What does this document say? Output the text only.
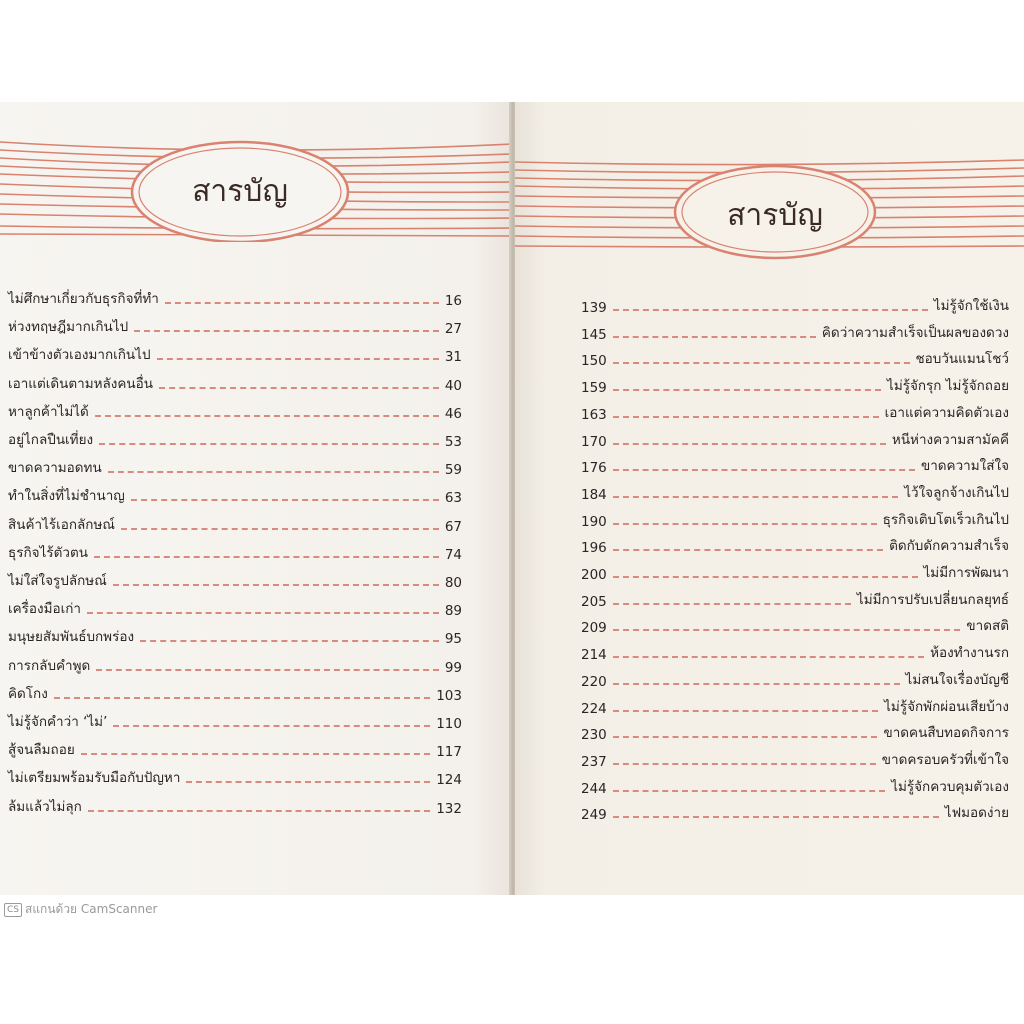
สารบัญ
ไม่ศึกษาเกี่ยวกับธุรกิจที่ทำ	16
ห่วงทฤษฎีมากเกินไป	27
เข้าข้างตัวเองมากเกินไป	31
เอาแต่เดินตามหลังคนอื่น	40
หาลูกค้าไม่ได้	46
อยู่ไกลปืนเที่ยง	53
ขาดความอดทน	59
ทำในสิ่งที่ไม่ชำนาญ	63
สินค้าไร้เอกลักษณ์	67
ธุรกิจไร้ตัวตน	74
ไม่ใส่ใจรูปลักษณ์	80
เครื่องมือเก่า	89
มนุษยสัมพันธ์บกพร่อง	95
การกลับคำพูด	99
คิดโกง	103
ไม่รู้จักคำว่า ‘ไม่’	110
สู้จนลืมถอย	117
ไม่เตรียมพร้อมรับมือกับปัญหา	124
ล้มแล้วไม่ลุก	132
สารบัญ
139	ไม่รู้จักใช้เงิน
145	คิดว่าความสำเร็จเป็นผลของดวง
150	ชอบวันแมนโชว์
159	ไม่รู้จักรุก ไม่รู้จักถอย
163	เอาแต่ความคิดตัวเอง
170	หนีห่างความสามัคคี
176	ขาดความใส่ใจ
184	ไว้ใจลูกจ้างเกินไป
190	ธุรกิจเติบโตเร็วเกินไป
196	ติดกับดักความสำเร็จ
200	ไม่มีการพัฒนา
205	ไม่มีการปรับเปลี่ยนกลยุทธ์
209	ขาดสติ
214	ห้องทำงานรก
220	ไม่สนใจเรื่องบัญชี
224	ไม่รู้จักพักผ่อนเสียบ้าง
230	ขาดคนสืบทอดกิจการ
237	ขาดครอบครัวที่เข้าใจ
244	ไม่รู้จักควบคุมตัวเอง
249	ไฟมอดง่าย
CS สแกนด้วย CamScanner
